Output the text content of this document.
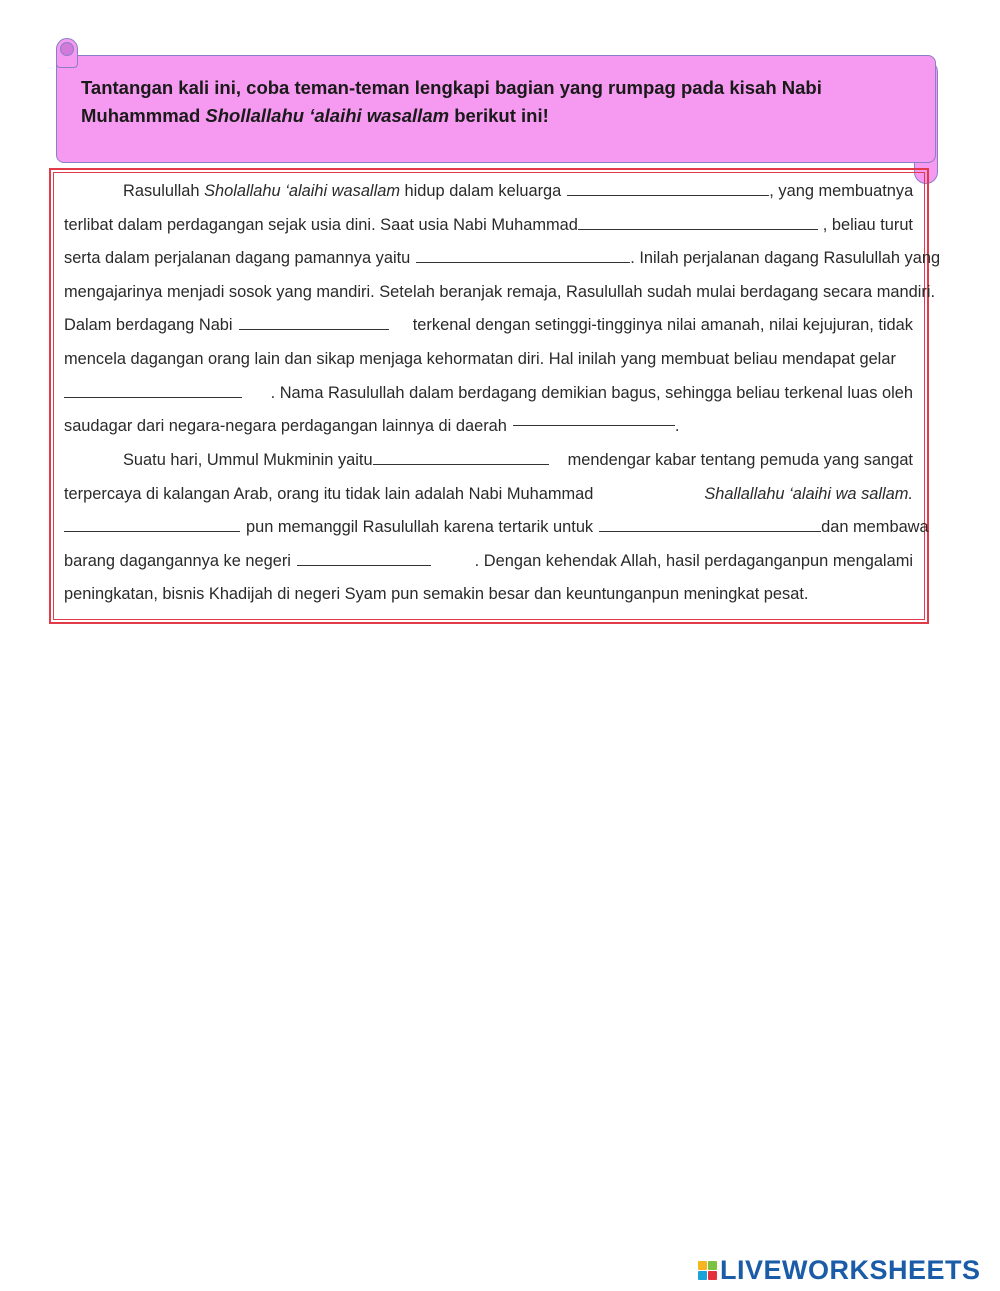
Tantangan kali ini, coba teman-teman lengkapi bagian yang rumpag pada kisah Nabi
Muhammmad Shollallahu ‘alaihi wasallam berikut ini!
Rasulullah Sholallahu ‘alaihi wasallam hidup dalam keluarga	, yang membuatnya
terlibat dalam perdagangan sejak usia dini. Saat usia Nabi Muhammad	, beliau turut
serta dalam perjalanan dagang pamannya yaitu	. Inilah perjalanan dagang Rasulullah yang
mengajarinya menjadi sosok yang mandiri. Setelah beranjak remaja, Rasulullah sudah mulai berdagang secara mandiri.
Dalam berdagang Nabi	terkenal dengan setinggi-tingginya nilai amanah, nilai kejujuran, tidak
mencela dagangan orang lain dan sikap menjaga kehormatan diri. Hal inilah yang membuat beliau mendapat gelar
. Nama Rasulullah dalam berdagang demikian bagus, sehingga beliau terkenal luas oleh
saudagar dari negara-negara perdagangan lainnya di daerah	.
Suatu hari, Ummul Mukminin yaitu	mendengar kabar tentang pemuda yang sangat
terpercaya di kalangan Arab, orang itu tidak lain adalah Nabi Muhammad	Shallallahu ‘alaihi wa sallam.
pun memanggil Rasulullah karena tertarik untuk	dan membawa
barang dagangannya ke negeri	. Dengan kehendak Allah, hasil perdaganganpun mengalami
peningkatan, bisnis Khadijah di negeri Syam pun semakin besar dan keuntunganpun meningkat pesat.
LIVEWORKSHEETS
